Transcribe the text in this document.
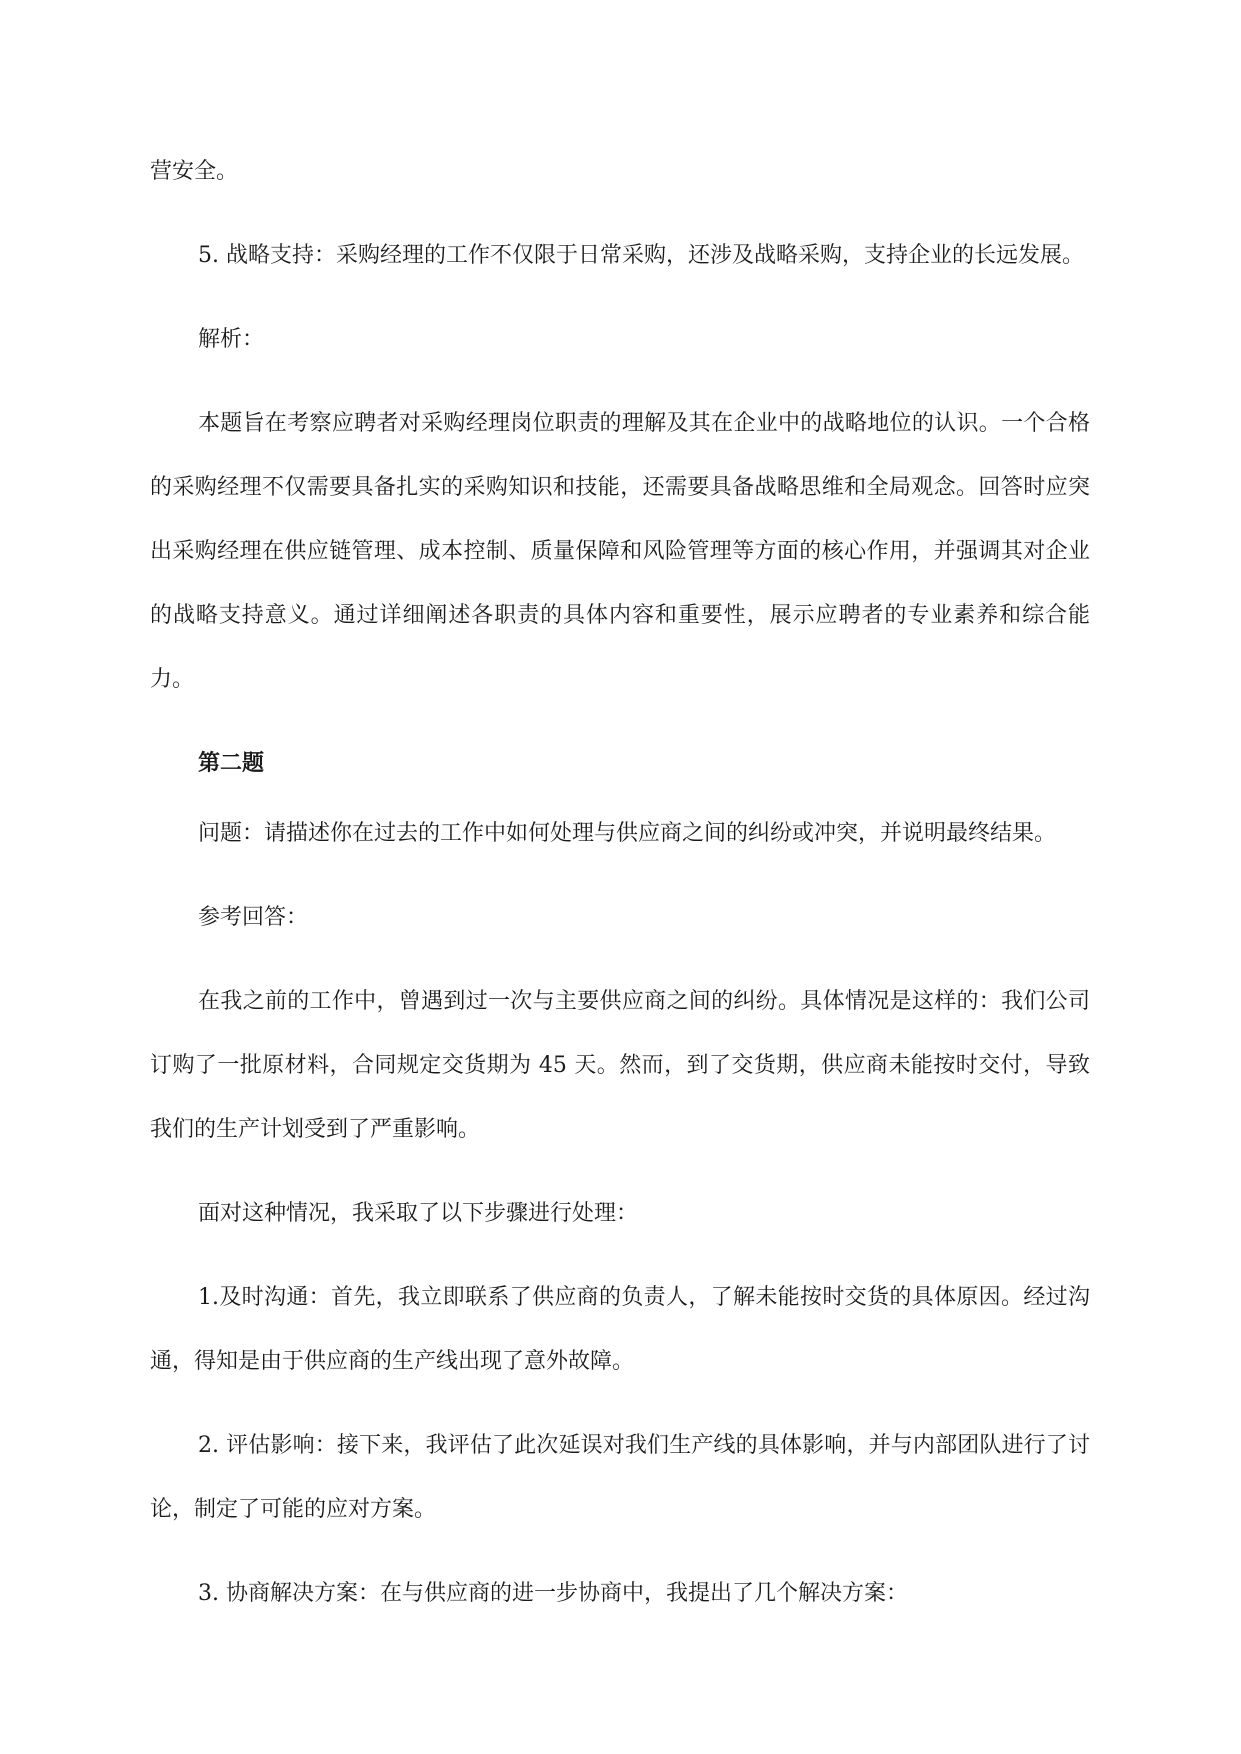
营安全。

5. 战略支持：采购经理的工作不仅限于日常采购，还涉及战略采购，支持企业的长远发展。

解析：

本题旨在考察应聘者对采购经理岗位职责的理解及其在企业中的战略地位的认识。一个合格的采购经理不仅需要具备扎实的采购知识和技能，还需要具备战略思维和全局观念。回答时应突出采购经理在供应链管理、成本控制、质量保障和风险管理等方面的核心作用，并强调其对企业的战略支持意义。通过详细阐述各职责的具体内容和重要性，展示应聘者的专业素养和综合能力。

第二题

问题：请描述你在过去的工作中如何处理与供应商之间的纠纷或冲突，并说明最终结果。

参考回答：

在我之前的工作中，曾遇到过一次与主要供应商之间的纠纷。具体情况是这样的：我们公司订购了一批原材料，合同规定交货期为 45 天。然而，到了交货期，供应商未能按时交付，导致我们的生产计划受到了严重影响。

面对这种情况，我采取了以下步骤进行处理：

1.及时沟通：首先，我立即联系了供应商的负责人，了解未能按时交货的具体原因。经过沟通，得知是由于供应商的生产线出现了意外故障。

2. 评估影响：接下来，我评估了此次延误对我们生产线的具体影响，并与内部团队进行了讨论，制定了可能的应对方案。

3. 协商解决方案：在与供应商的进一步协商中，我提出了几个解决方案：
